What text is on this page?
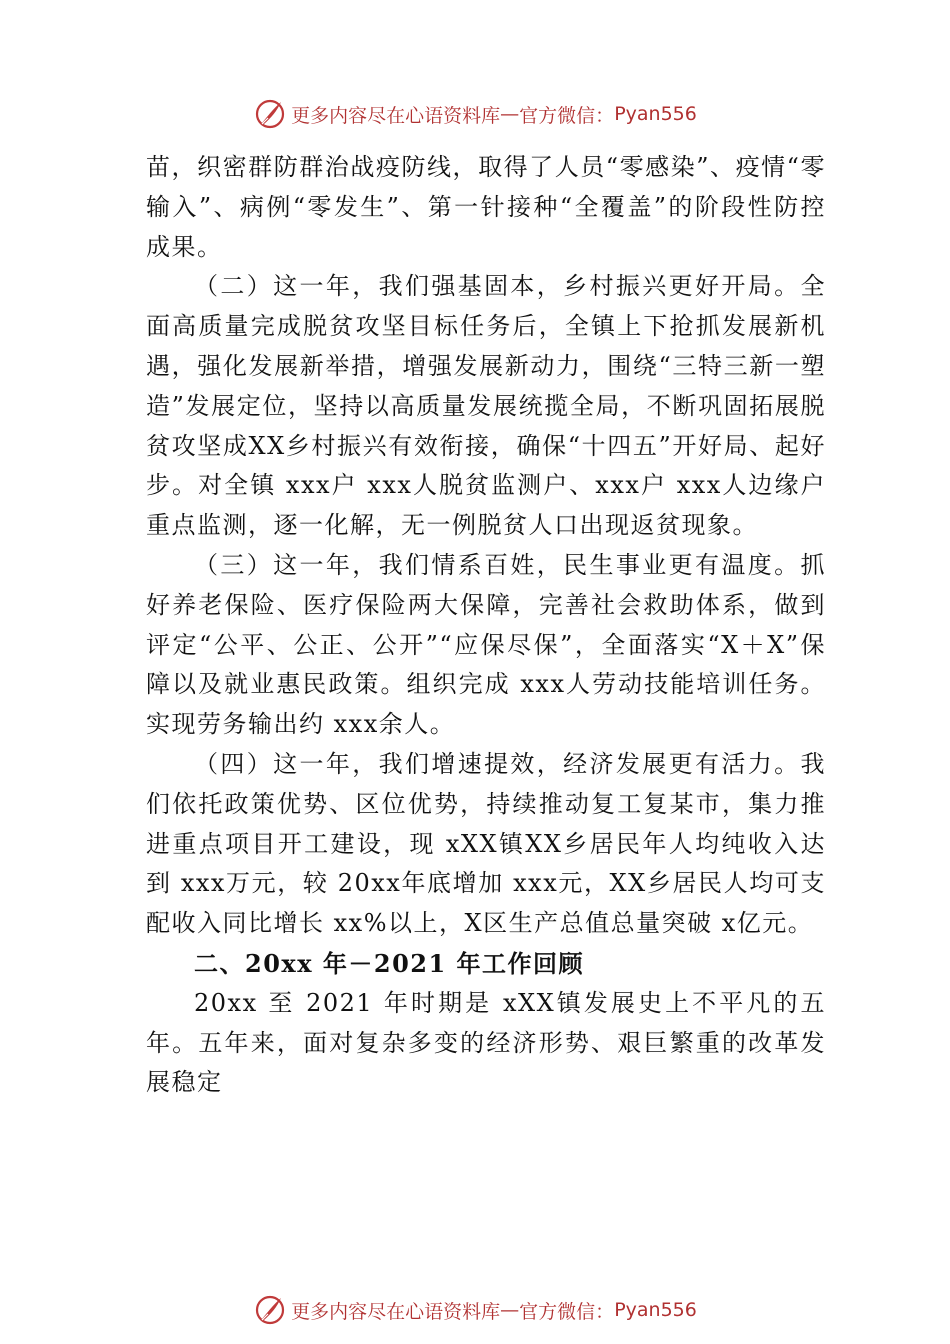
更多内容尽在心语资料库 — 官方微信： Pyan556

苗，织密群防群治战疫防线，取得了人员“零感染”、疫情“零输入”、病例“零发生”、第一针接种“全覆盖”的阶段性防控成果。

（二）这一年，我们强基固本，乡村振兴更好开局。全面高质量完成脱贫攻坚目标任务后，全镇上下抢抓发展新机遇，强化发展新举措，增强发展新动力，围绕“三特三新一塑造”发展定位，坚持以高质量发展统揽全局，不断巩固拓展脱贫攻坚成XX乡村振兴有效衔接，确保“十四五”开好局、起好步。对全镇 xxx户 xxx人脱贫监测户、xxx户 xxx人边缘户重点监测，逐一化解，无一例脱贫人口出现返贫现象。

（三）这一年，我们情系百姓，民生事业更有温度。抓好养老保险、医疗保险两大保障，完善社会救助体系，做到评定“公平、公正、公开”“应保尽保”，全面落实“X＋X”保障以及就业惠民政策。组织完成 xxx人劳动技能培训任务。实现劳务输出约 xxx余人。

（四）这一年，我们增速提效，经济发展更有活力。我们依托政策优势、区位优势，持续推动复工复某市，集力推进重点项目开工建设，现 xXX镇XX乡居民年人均纯收入达到 xxx万元，较 20xx年底增加 xxx元，XX乡居民人均可支配收入同比增长 xx%以上，X区生产总值总量突破 x亿元。

二、20xx 年－2021 年工作回顾

20xx 至 2021 年时期是 xXX镇发展史上不平凡的五年。五年来，面对复杂多变的经济形势、艰巨繁重的改革发展稳定

更多内容尽在心语资料库 — 官方微信： Pyan556
